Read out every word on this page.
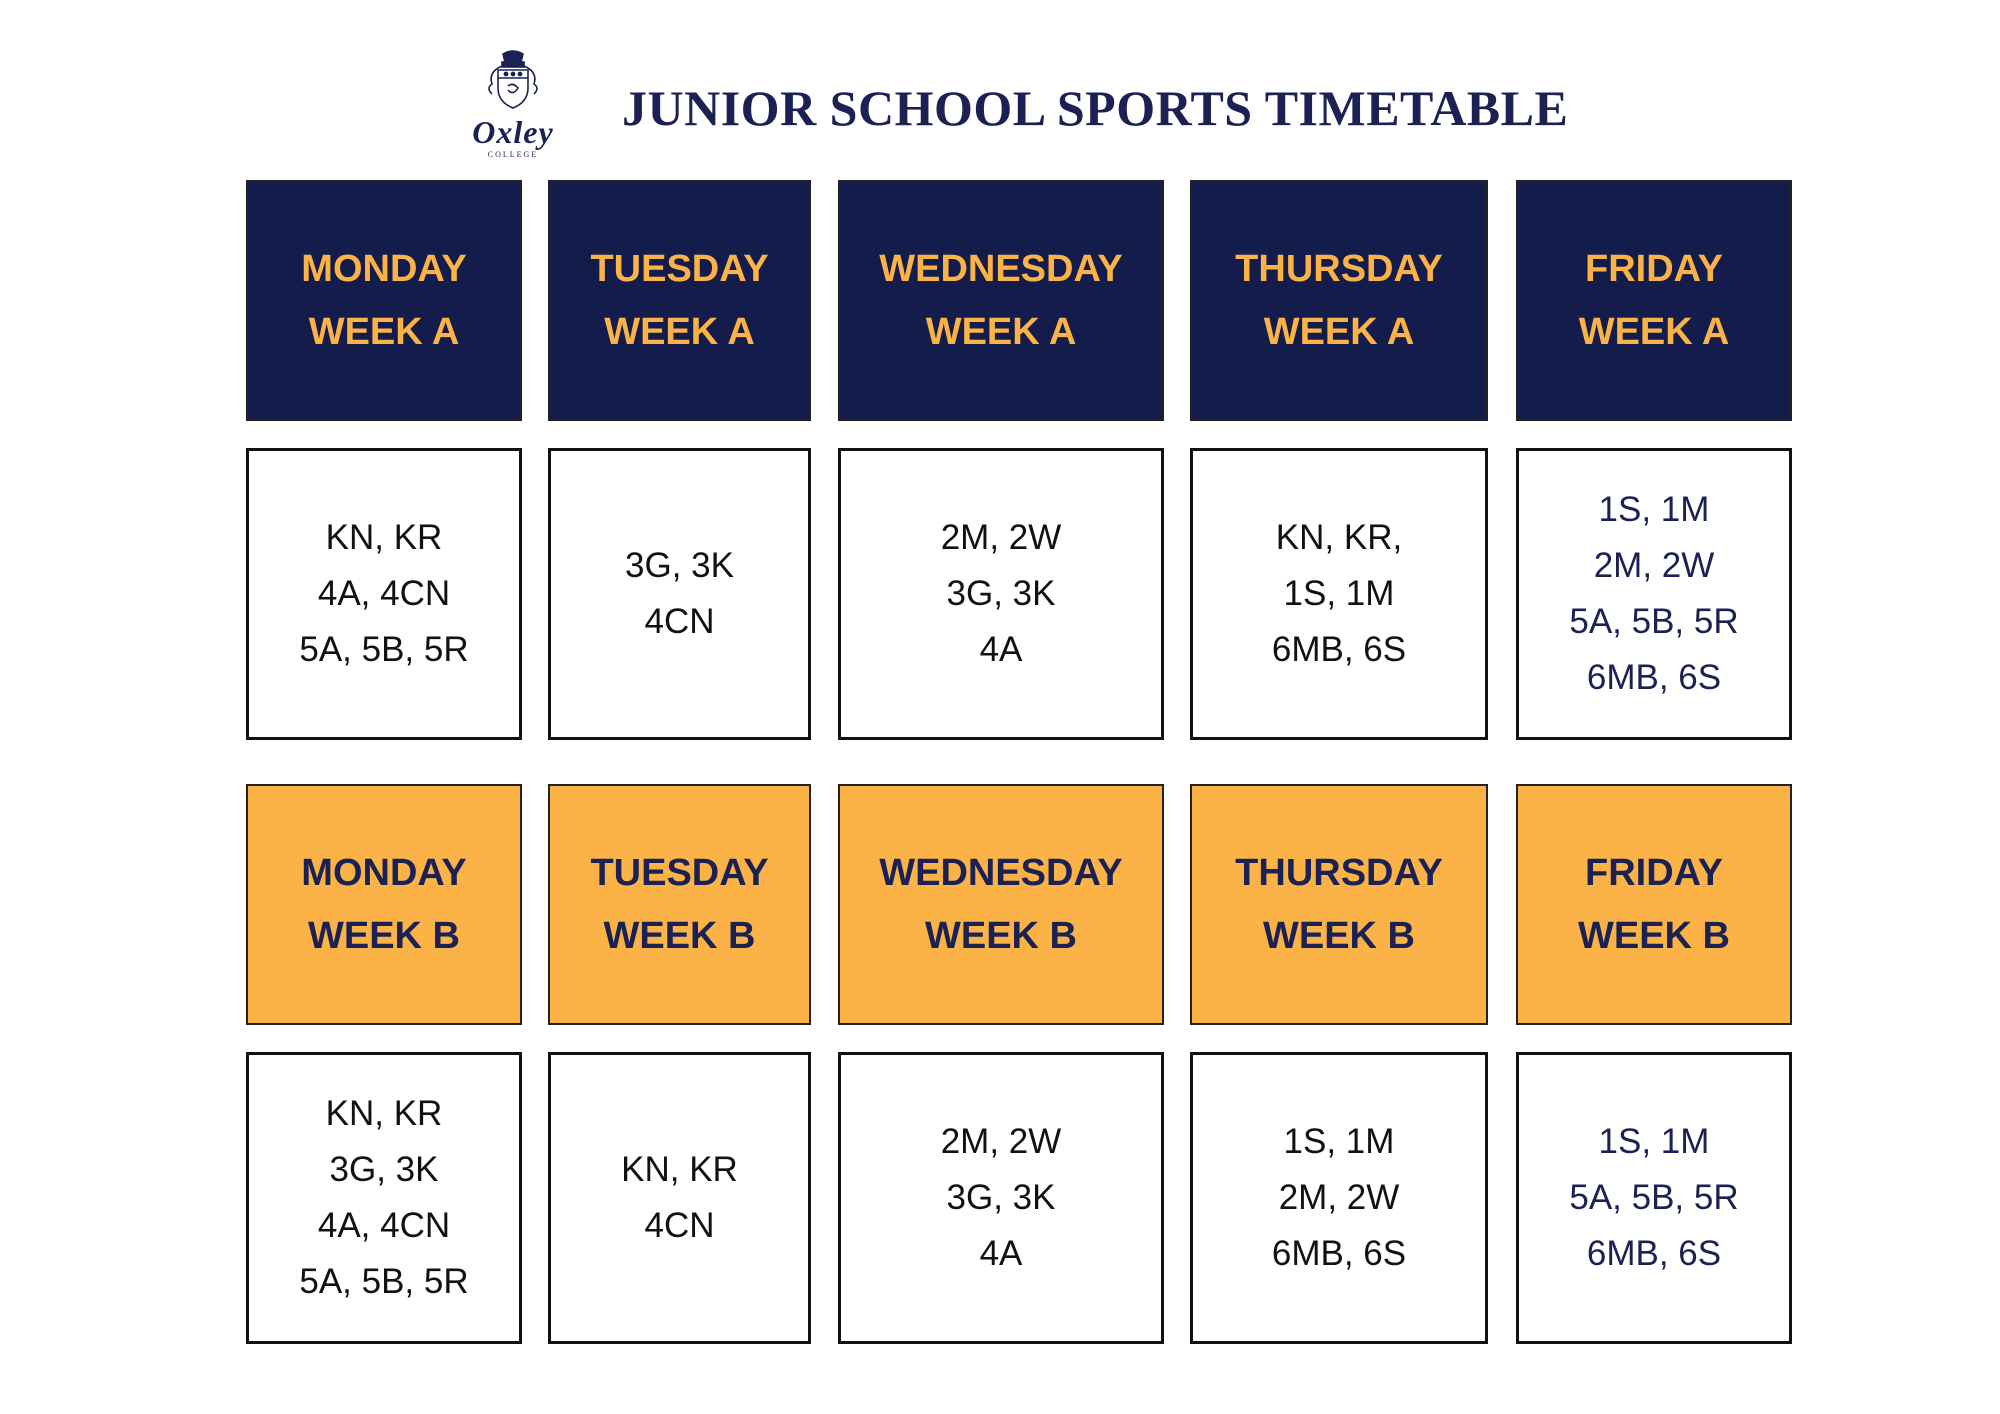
Oxley
COLLEGE
JUNIOR SCHOOL SPORTS TIMETABLE
MONDAY
WEEK A
TUESDAY
WEEK A
WEDNESDAY
WEEK A
THURSDAY
WEEK A
FRIDAY
WEEK A
KN, KR
4A, 4CN
5A, 5B, 5R
3G, 3K
4CN
2M, 2W
3G, 3K
4A
KN, KR,
1S, 1M
6MB, 6S
1S, 1M
2M, 2W
5A, 5B, 5R
6MB, 6S
MONDAY
WEEK B
TUESDAY
WEEK B
WEDNESDAY
WEEK B
THURSDAY
WEEK B
FRIDAY
WEEK B
KN, KR
3G, 3K
4A, 4CN
5A, 5B, 5R
KN, KR
4CN
2M, 2W
3G, 3K
4A
1S, 1M
2M, 2W
6MB, 6S
1S, 1M
5A, 5B, 5R
6MB, 6S
